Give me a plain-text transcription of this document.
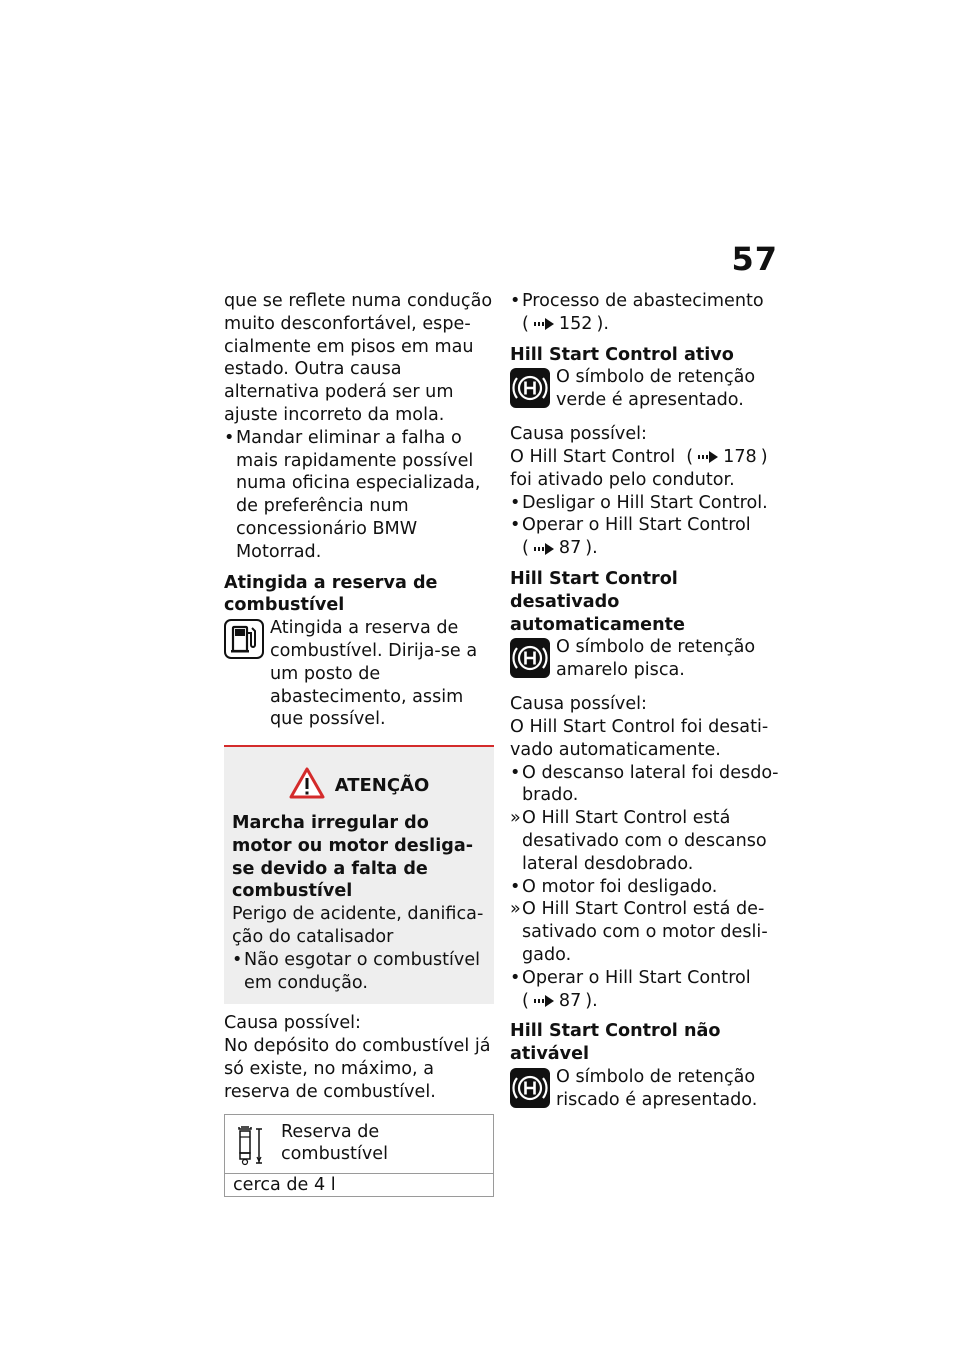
57

que se reflete numa condução muito desconfortável, especialmente em pisos em mau estado. Outra causa alternativa poderá ser um ajuste incorreto da mola.

• Mandar eliminar a falha o mais rapidamente possível numa oficina especializada, de preferência num concessionário BMW Motorrad.
Atingida a reserva de combustível
Atingida a reserva de combustível. Dirija-se a um posto de abastecimento, assim que possível.
ATENÇÃO
Marcha irregular do motor ou motor desliga-se devido a falta de combustível

Perigo de acidente, danificação do catalisador

• Não esgotar o combustível em condução.

Causa possível:

No depósito do combustível já só existe, no máximo, a reserva de combustível.

Reserva de combustível
cerca de 4 l
• Processo de abastecimento
( 152 ).
Hill Start Control ativo
O símbolo de retenção verde é apresentado.

Causa possível:

O Hill Start Control ( 178 ) foi ativado pelo condutor.

• Desligar o Hill Start Control.
• Operar o Hill Start Control
( 87 ).
Hill Start Control desativado automaticamente
O símbolo de retenção amarelo pisca.

Causa possível:

O Hill Start Control foi desativado automaticamente.

• O descanso lateral foi desdobrado.
» O Hill Start Control está desativado com o descanso lateral desdobrado.
• O motor foi desligado.
» O Hill Start Control está desativado com o motor desligado.
• Operar o Hill Start Control
( 87 ).
Hill Start Control não ativável
O símbolo de retenção riscado é apresentado.
